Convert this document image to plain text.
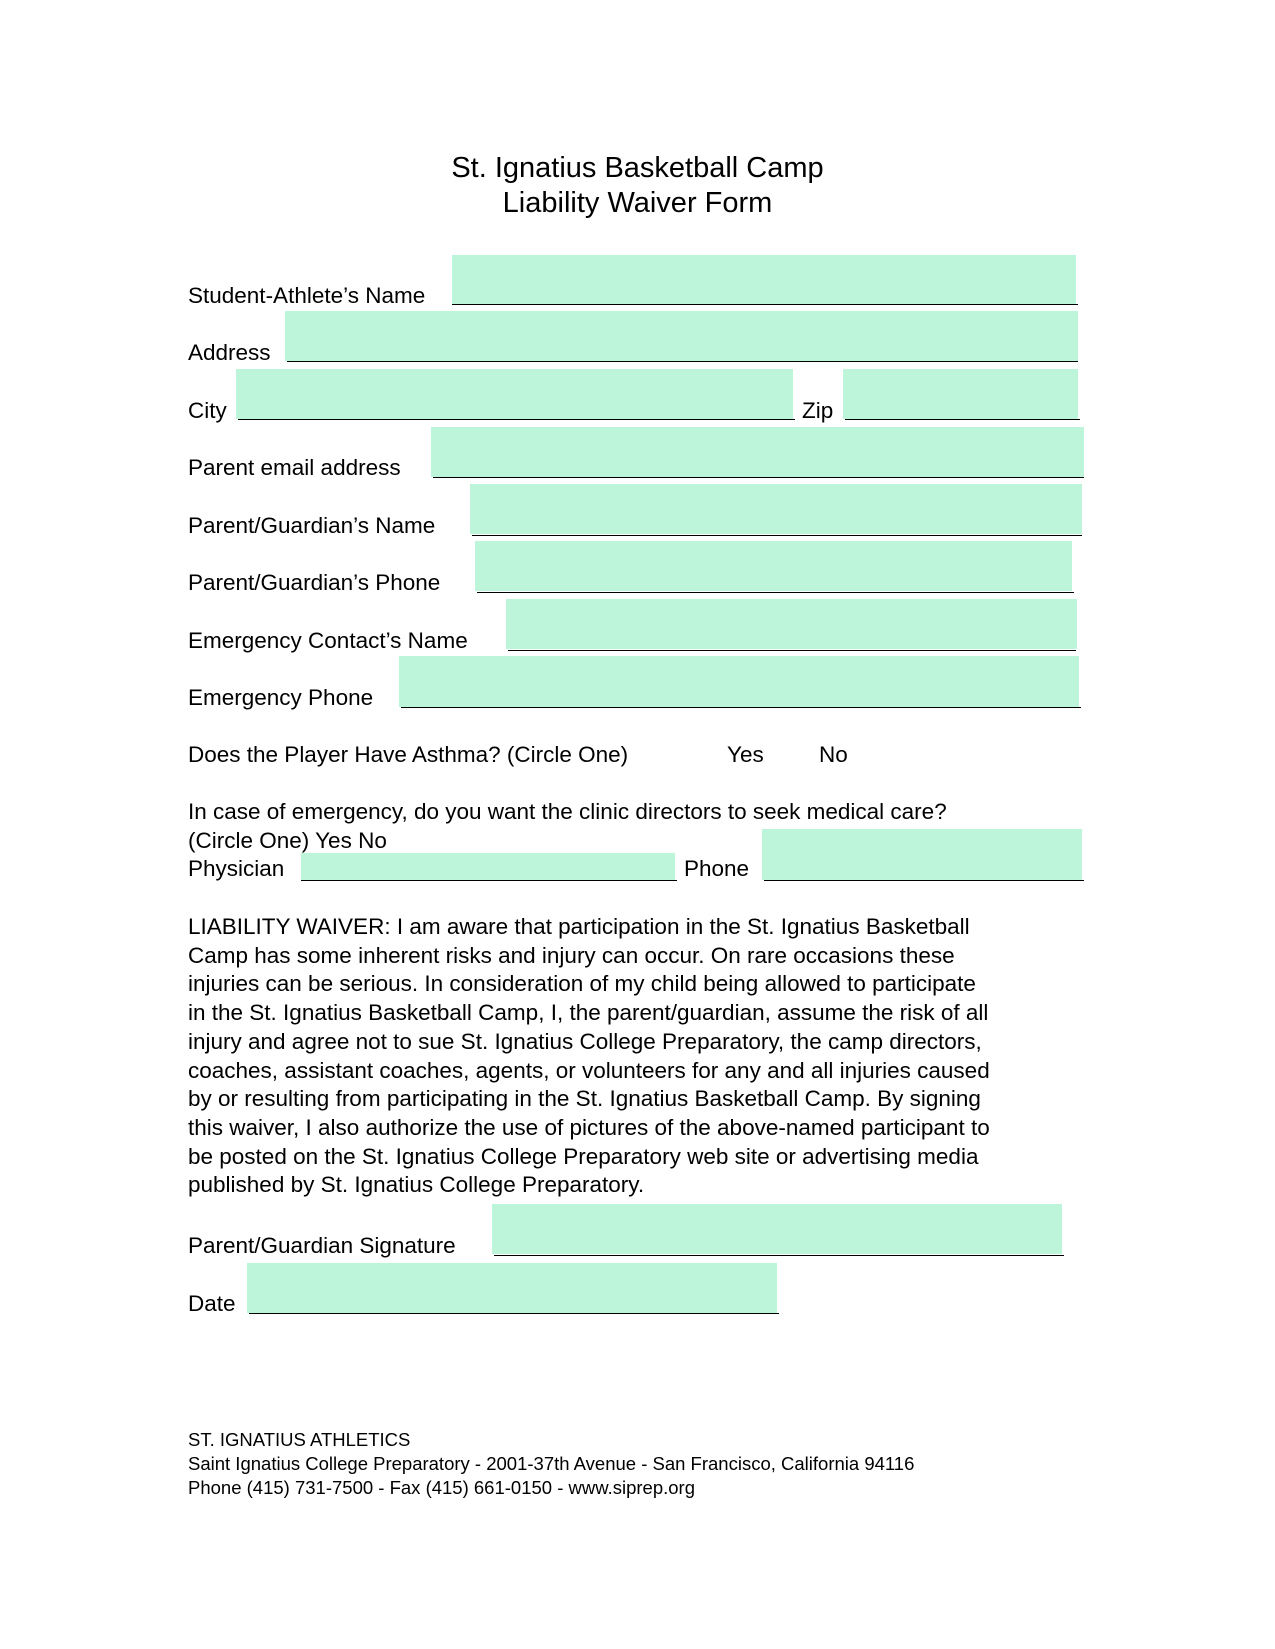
St. Ignatius Basketball Camp
Liability Waiver Form
Student-Athlete’s Name
Address
City	Zip
Parent email address
Parent/Guardian’s Name
Parent/Guardian’s Phone
Emergency Contact’s Name
Emergency Phone
Does the Player Have Asthma? (Circle One)	Yes No
In case of emergency, do you want the clinic directors to seek medical care?
(Circle One) Yes No
Physician	Phone
LIABILITY WAIVER: I am aware that participation in the St. Ignatius Basketball
Camp has some inherent risks and injury can occur. On rare occasions these
injuries can be serious. In consideration of my child being allowed to participate
in the St. Ignatius Basketball Camp, I, the parent/guardian, assume the risk of all
injury and agree not to sue St. Ignatius College Preparatory, the camp directors,
coaches, assistant coaches, agents, or volunteers for any and all injuries caused
by or resulting from participating in the St. Ignatius Basketball Camp. By signing
this waiver, I also authorize the use of pictures of the above-named participant to
be posted on the St. Ignatius College Preparatory web site or advertising media
published by St. Ignatius College Preparatory.
Parent/Guardian Signature
Date
ST. IGNATIUS ATHLETICS
Saint Ignatius College Preparatory - 2001-37th Avenue - San Francisco, California 94116
Phone (415) 731-7500 - Fax (415) 661-0150 - www.siprep.org
